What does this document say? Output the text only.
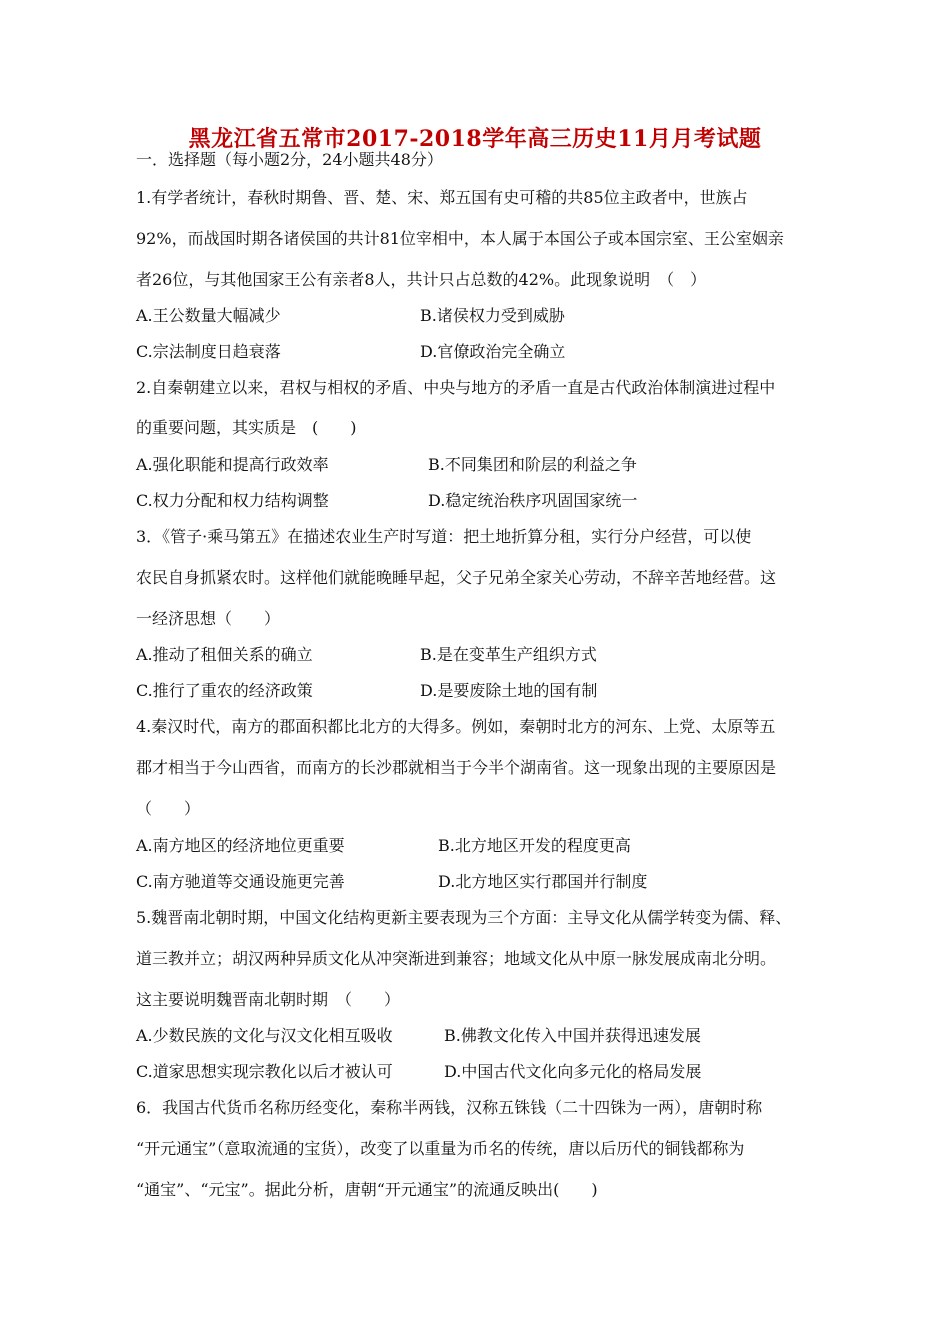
黑龙江省五常市2017-2018学年高三历史11月月考试题
一．选择题（每小题2分，24小题共48分）
1.有学者统计，春秋时期鲁、晋、楚、宋、郑五国有史可稽的共85位主政者中，世族占
92%，而战国时期各诸侯国的共计81位宰相中，本人属于本国公子或本国宗室、王公室姻亲
者26位，与其他国家王公有亲者8人，共计只占总数的42%。此现象说明　（　）
A.王公数量大幅减少	B.诸侯权力受到威胁
C.宗法制度日趋衰落	D.官僚政治完全确立
2.自秦朝建立以来，君权与相权的矛盾、中央与地方的矛盾一直是古代政治体制演进过程中
的重要问题，其实质是　(　　)
A.强化职能和提高行政效率	B.不同集团和阶层的利益之争
C.权力分配和权力结构调整	D.稳定统治秩序巩固国家统一
3．《管子·乘马第五》在描述农业生产时写道：把土地折算分租，实行分户经营，可以使
农民自身抓紧农时。这样他们就能晚睡早起，父子兄弟全家关心劳动，不辞辛苦地经营。这
一经济思想（　　）
A.推动了租佃关系的确立	B.是在变革生产组织方式
C.推行了重农的经济政策	D.是要废除土地的国有制
4.秦汉时代，南方的郡面积都比北方的大得多。例如，秦朝时北方的河东、上党、太原等五
郡才相当于今山西省，而南方的长沙郡就相当于今半个湖南省。这一现象出现的主要原因是
（　　）
A.南方地区的经济地位更重要	B.北方地区开发的程度更高
C.南方驰道等交通设施更完善	D.北方地区实行郡国并行制度
5.魏晋南北朝时期，中国文化结构更新主要表现为三个方面：主导文化从儒学转变为儒、释、
道三教并立；胡汉两种异质文化从冲突渐进到兼容；地域文化从中原一脉发展成南北分明。
这主要说明魏晋南北朝时期　（　　）
A.少数民族的文化与汉文化相互吸收	B.佛教文化传入中国并获得迅速发展
C.道家思想实现宗教化以后才被认可	D.中国古代文化向多元化的格局发展
6．我国古代货币名称历经变化，秦称半两钱，汉称五铢钱（二十四铢为一两），唐朝时称
“开元通宝”（意取流通的宝货），改变了以重量为币名的传统，唐以后历代的铜钱都称为
“通宝”、“元宝”。据此分析，唐朝“开元通宝”的流通反映出(　　)
